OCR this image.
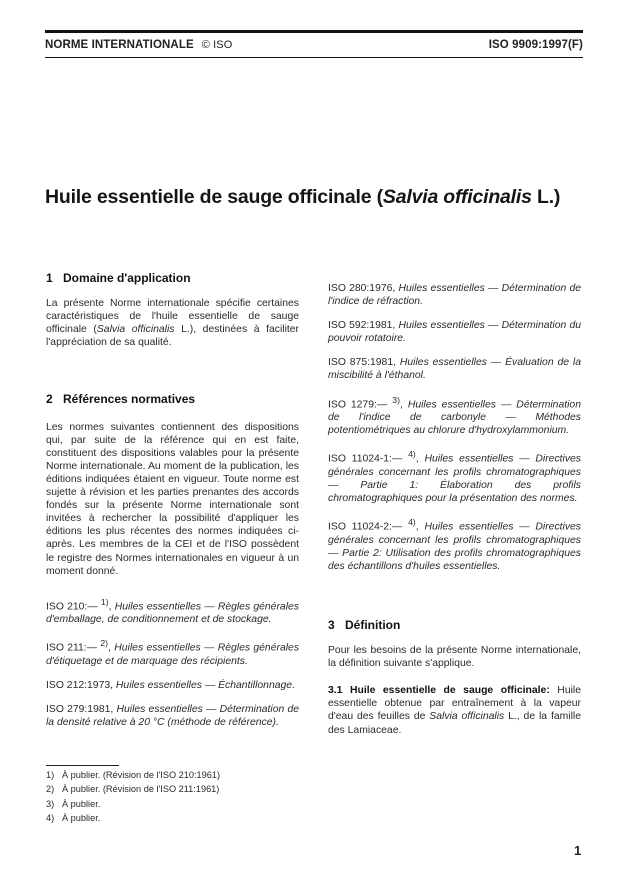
NORME INTERNATIONALE © ISO	ISO 9909:1997(F)
Huile essentielle de sauge officinale (Salvia officinalis L.)
1 Domaine d'application

La présente Norme internationale spécifie certaines caractéristiques de l'huile essentielle de sauge officinale (Salvia officinalis L.), destinées à faciliter l'appréciation de sa qualité.

2 Références normatives

Les normes suivantes contiennent des dispositions qui, par suite de la référence qui en est faite, constituent des dispositions valables pour la présente Norme internationale. Au moment de la publication, les éditions indiquées étaient en vigueur. Toute norme est sujette à révision et les parties prenantes des accords fondés sur la présente Norme internationale sont invitées à rechercher la possibilité d'appliquer les éditions les plus récentes des normes indiquées ci-après. Les membres de la CEI et de l'ISO possèdent le registre des Normes internationales en vigueur à un moment donné.

ISO 210:— $^{1)}$, Huiles essentielles — Règles générales d'emballage, de conditionnement et de stockage.

ISO 211:— $^{2)}$, Huiles essentielles — Règles générales d'étiquetage et de marquage des récipients.

ISO 212:1973, Huiles essentielles — Échantillonnage.

ISO 279:1981, Huiles essentielles — Détermination de la densité relative à 20 °C (méthode de référence).

ISO 280:1976, Huiles essentielles — Détermination de l'indice de réfraction.

ISO 592:1981, Huiles essentielles — Détermination du pouvoir rotatoire.

ISO 875:1981, Huiles essentielles — Évaluation de la miscibilité à l'éthanol.

ISO 1279:— $^{3)}$, Huiles essentielles — Détermination de l'indice de carbonyle — Méthodes potentiométriques au chlorure d'hydroxylammonium.

ISO 11024-1:— $^{4)}$, Huiles essentielles — Directives générales concernant les profils chromatographiques — Partie 1: Élaboration des profils chromatographiques pour la présentation des normes.

ISO 11024-2:— $^{4)}$, Huiles essentielles — Directives générales concernant les profils chromatographiques — Partie 2: Utilisation des profils chromatographiques des échantillons d'huiles essentielles.

3 Définition

Pour les besoins de la présente Norme internationale, la définition suivante s'applique.

3.1 Huile essentielle de sauge officinale: Huile essentielle obtenue par entraînement à la vapeur d'eau des feuilles de Salvia officinalis L., de la famille des Lamiaceae.

1) À publier. (Révision de l'ISO 210:1961)
2) À publier. (Révision de l'ISO 211:1961)
3) À publier.
4) À publier.
1
